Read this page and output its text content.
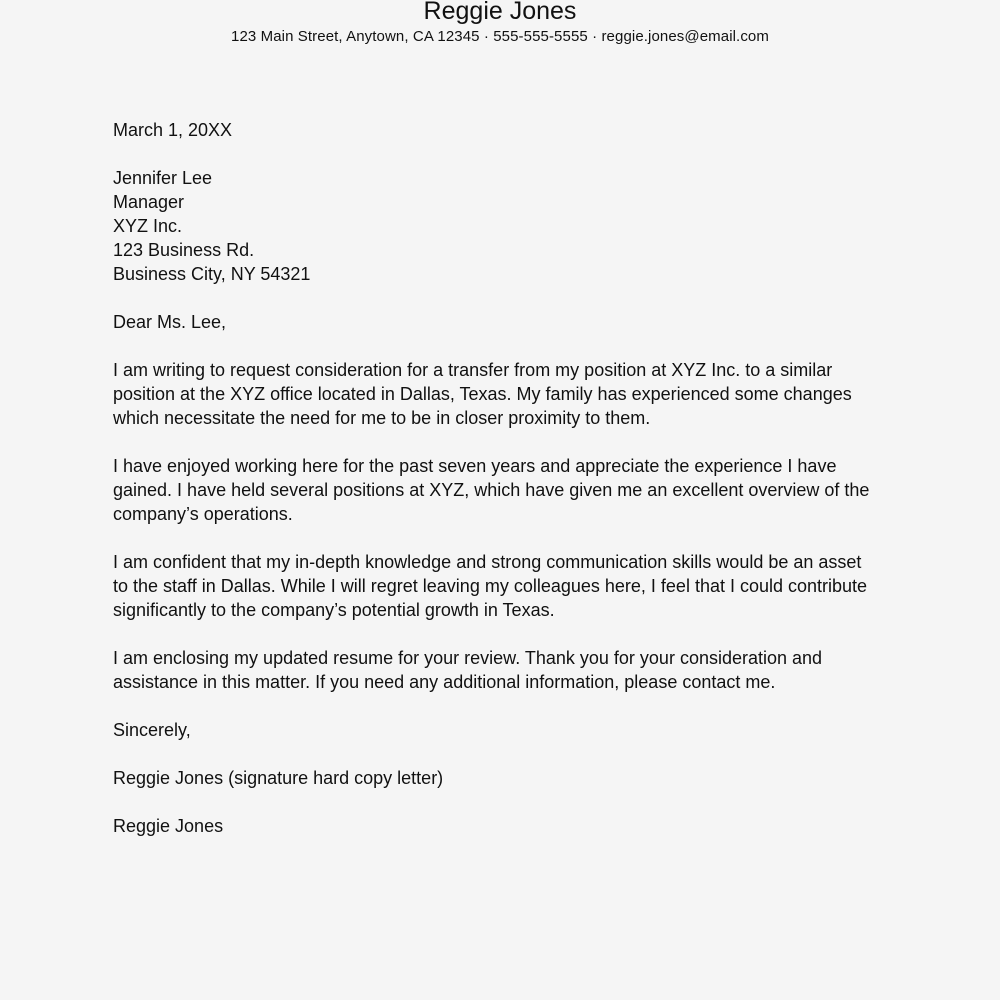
Reggie Jones
123 Main Street, Anytown, CA 12345 · 555-555-5555 · reggie.jones@email.com

March 1, 20XX

Jennifer Lee
Manager
XYZ Inc.
123 Business Rd.
Business City, NY 54321

Dear Ms. Lee,

I am writing to request consideration for a transfer from my position at XYZ Inc. to a similar
position at the XYZ office located in Dallas, Texas. My family has experienced some changes
which necessitate the need for me to be in closer proximity to them.

I have enjoyed working here for the past seven years and appreciate the experience I have
gained. I have held several positions at XYZ, which have given me an excellent overview of the
company’s operations.

I am confident that my in-depth knowledge and strong communication skills would be an asset
to the staff in Dallas. While I will regret leaving my colleagues here, I feel that I could contribute
significantly to the company’s potential growth in Texas.

I am enclosing my updated resume for your review. Thank you for your consideration and
assistance in this matter. If you need any additional information, please contact me.

Sincerely,

Reggie Jones (signature hard copy letter)

Reggie Jones
